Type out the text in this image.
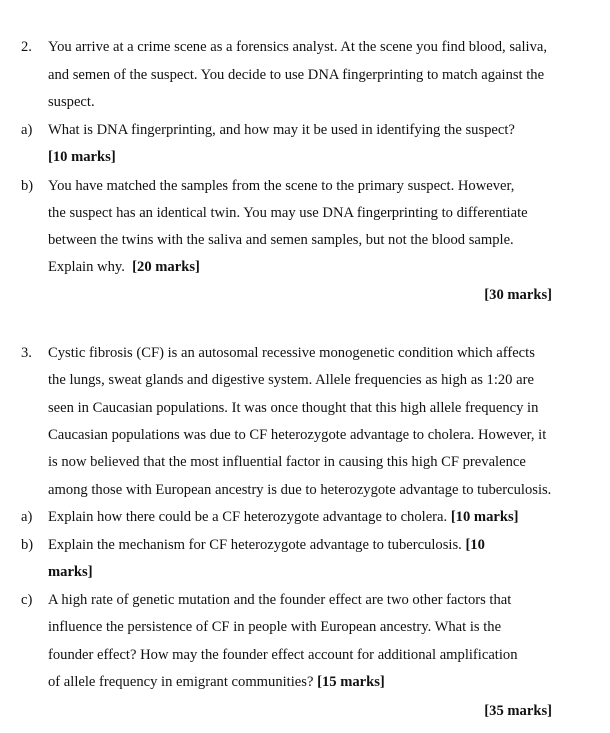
2. You arrive at a crime scene as a forensics analyst. At the scene you find blood, saliva,
and semen of the suspect. You decide to use DNA fingerprinting to match against the
suspect.
a) What is DNA fingerprinting, and how may it be used in identifying the suspect?
[10 marks]
b) You have matched the samples from the scene to the primary suspect. However,
the suspect has an identical twin. You may use DNA fingerprinting to differentiate
between the twins with the saliva and semen samples, but not the blood sample.
Explain why. [20 marks]
[30 marks]
3. Cystic fibrosis (CF) is an autosomal recessive monogenetic condition which affects
the lungs, sweat glands and digestive system. Allele frequencies as high as 1:20 are
seen in Caucasian populations. It was once thought that this high allele frequency in
Caucasian populations was due to CF heterozygote advantage to cholera. However, it
is now believed that the most influential factor in causing this high CF prevalence
among those with European ancestry is due to heterozygote advantage to tuberculosis.
a) Explain how there could be a CF heterozygote advantage to cholera. [10 marks]
b) Explain the mechanism for CF heterozygote advantage to tuberculosis. [10
marks]
c) A high rate of genetic mutation and the founder effect are two other factors that
influence the persistence of CF in people with European ancestry. What is the
founder effect? How may the founder effect account for additional amplification
of allele frequency in emigrant communities? [15 marks]
[35 marks]
